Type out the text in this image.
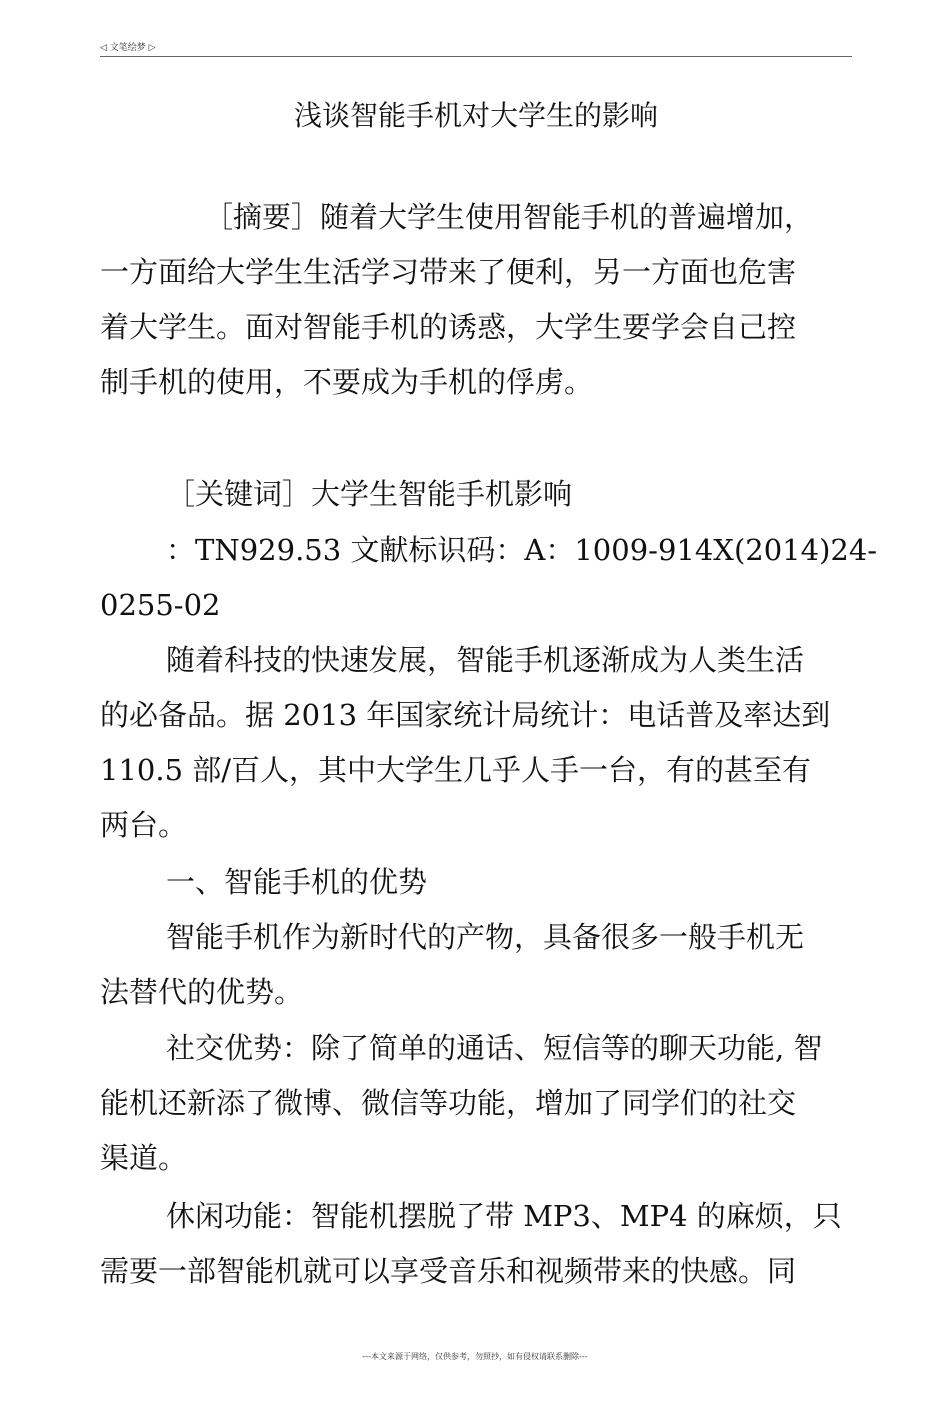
◁ 文笔绘梦 ▷
浅谈智能手机对大学生的影响
［摘要］随着大学生使用智能手机的普遍增加，
一方面给大学生生活学习带来了便利，另一方面也危害
着大学生。面对智能手机的诱惑，大学生要学会自己控
制手机的使用，不要成为手机的俘虏。
［关键词］大学生智能手机影响
：TN929.53 文献标识码：A：1009-914X(2014)24-
0255-02
随着科技的快速发展，智能手机逐渐成为人类生活
的必备品。据 2013 年国家统计局统计：电话普及率达到
110.5 部/百人，其中大学生几乎人手一台，有的甚至有
两台。
一、智能手机的优势
智能手机作为新时代的产物，具备很多一般手机无
法替代的优势。
社交优势：除了简单的通话、短信等的聊天功能, 智
能机还新添了微博、微信等功能，增加了同学们的社交
渠道。
休闲功能：智能机摆脱了带 MP3、MP4 的麻烦，只
需要一部智能机就可以享受音乐和视频带来的快感。同
---本文来源于网络，仅供参考，勿照抄，如有侵权请联系删除---
